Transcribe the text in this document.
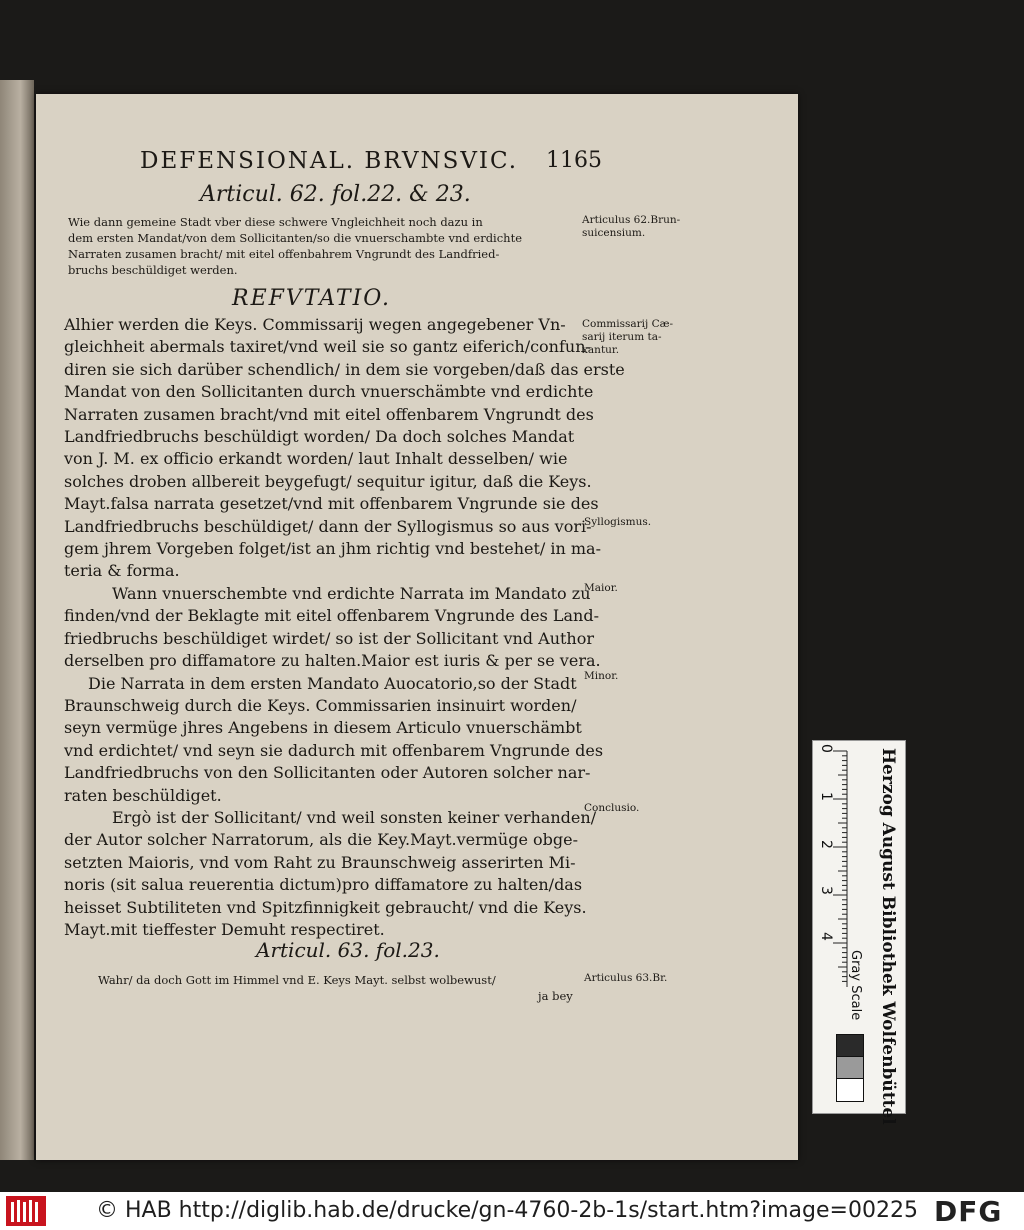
DEFENSIONAL. BRVNSVIC.	1165
Articul. 62. fol.22. & 23.
Wie dann gemeine Stadt vber diese schwere Vngleichheit noch dazu in
dem ersten Mandat/von dem Sollicitanten/so die vnuerschambte vnd erdichte
Narraten zusamen bracht/ mit eitel offenbahrem Vngrundt des Landfried-
bruchs beschüldiget werden.
Articulus 62.Brun-
suicensium.
REFVTATIO.
Alhier werden die Keys. Commissarij wegen angegebener Vn-
gleichheit abermals taxiret/vnd weil sie so gantz eiferich/confun-
diren sie sich darüber schendlich/ in dem sie vorgeben/daß das erste
Mandat von den Sollicitanten durch vnuerschämbte vnd erdichte
Narraten zusamen bracht/vnd mit eitel offenbarem Vngrundt des
Landfriedbruchs beschüldigt worden/ Da doch solches Mandat
von J. M. ex officio erkandt worden/ laut Inhalt desselben/ wie
solches droben allbereit beygefugt/ sequitur igitur, daß die Keys.
Mayt.falsa narrata gesetzet/vnd mit offenbarem Vngrunde sie des
Landfriedbruchs beschüldiget/ dann der Syllogismus so aus vori-
gem jhrem Vorgeben folget/ist an jhm richtig vnd bestehet/ in ma-
teria & forma.
Wann vnuerschembte vnd erdichte Narrata im Mandato zu
finden/vnd der Beklagte mit eitel offenbarem Vngrunde des Land-
friedbruchs beschüldiget wirdet/ so ist der Sollicitant vnd Author
derselben pro diffamatore zu halten.Maior est iuris & per se vera.
Die Narrata in dem ersten Mandato Auocatorio,so der Stadt
Braunschweig durch die Keys. Commissarien insinuirt worden/
seyn vermüge jhres Angebens in diesem Articulo vnuerschämbt
vnd erdichtet/ vnd seyn sie dadurch mit offenbarem Vngrunde des
Landfriedbruchs von den Sollicitanten oder Autoren solcher nar-
raten beschüldiget.
Ergò ist der Sollicitant/ vnd weil sonsten keiner verhanden/
der Autor solcher Narratorum, als die Key.Mayt.vermüge obge-
setzten Maioris, vnd vom Raht zu Braunschweig asserirten Mi-
noris (sit salua reuerentia dictum)pro diffamatore zu halten/das
heisset Subtiliteten vnd Spitzfinnigkeit gebraucht/ vnd die Keys.
Mayt.mit tieffester Demuht respectiret.
Commissarij Cæ-
sarij iterum ta-
xantur.
Syllogismus.
Maior.
Minor.
Conclusio.
Articul. 63. fol.23.
Wahr/ da doch Gott im Himmel vnd E. Keys Mayt. selbst wolbewust/
ja bey
Articulus 63.Br.
0
1
2
3
4	Herzog August Bibliothek Wolfenbüttel
Gray Scale
© HAB http://diglib.hab.de/drucke/gn-4760-2b-1s/start.htm?image=00225 DFG
